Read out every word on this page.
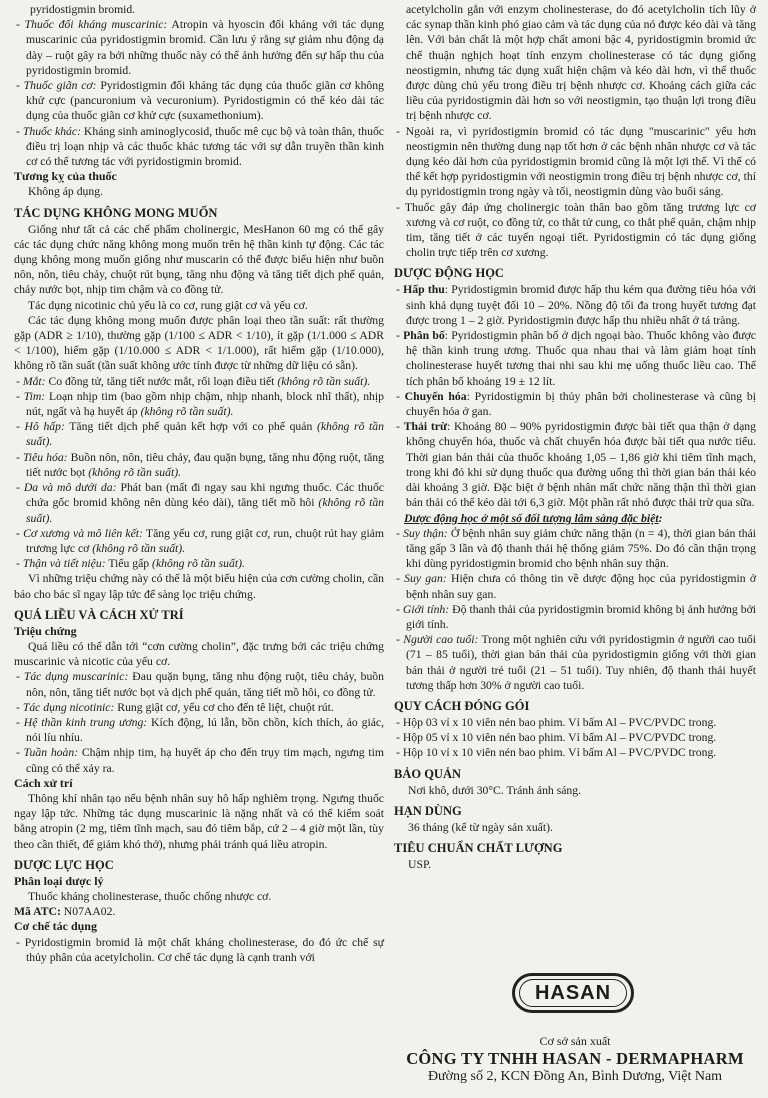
pyridostigmin bromid.

- Thuốc đối kháng muscarinic: Atropin và hyoscin đối kháng với tác dụng muscarinic của pyridostigmin bromid. Cần lưu ý rằng sự giảm nhu động dạ dày – ruột gây ra bởi những thuốc này có thể ảnh hưởng đến sự hấp thu của pyridostigmin bromid.

- Thuốc giãn cơ: Pyridostigmin đối kháng tác dụng của thuốc giãn cơ không khử cực (pancuronium và vecuronium). Pyridostigmin có thể kéo dài tác dụng của thuốc giãn cơ khử cực (suxamethonium).

- Thuốc khác: Kháng sinh aminoglycosid, thuốc mê cục bộ và toàn thân, thuốc điều trị loạn nhịp và các thuốc khác tương tác với sự dẫn truyền thần kinh cơ có thể tương tác với pyridostigmin bromid.

Tương kỵ của thuốc

Không áp dụng.

TÁC DỤNG KHÔNG MONG MUỐN

Giống như tất cả các chế phẩm cholinergic, MesHanon 60 mg có thể gây các tác dụng chức năng không mong muốn trên hệ thần kinh tự động. Các tác dụng không mong muốn giống như muscarin có thể được biểu hiện như buồn nôn, nôn, tiêu chảy, chuột rút bụng, tăng nhu động và tăng tiết dịch phế quản, chảy nước bọt, nhịp tim chậm và co đồng tử.

Tác dụng nicotinic chủ yếu là co cơ, rung giật cơ và yếu cơ.

Các tác dụng không mong muốn được phân loại theo tần suất: rất thường gặp (ADR ≥ 1/10), thường gặp (1/100 ≤ ADR < 1/10), ít gặp (1/1.000 ≤ ADR < 1/100), hiếm gặp (1/10.000 ≤ ADR < 1/1.000), rất hiếm gặp (1/10.000), không rõ tần suất (tần suất không ước tính được từ những dữ liệu có sẵn).

- Mắt: Co đồng tử, tăng tiết nước mắt, rối loạn điều tiết (không rõ tần suất).

- Tim: Loạn nhịp tim (bao gồm nhịp chậm, nhịp nhanh, block nhĩ thất), nhịp nút, ngất và hạ huyết áp (không rõ tần suất).

- Hô hấp: Tăng tiết dịch phế quản kết hợp với co phế quản (không rõ tần suất).

- Tiêu hóa: Buồn nôn, nôn, tiêu chảy, đau quặn bụng, tăng nhu động ruột, tăng tiết nước bọt (không rõ tần suất).

- Da và mô dưới da: Phát ban (mất đi ngay sau khi ngưng thuốc. Các thuốc chứa gốc bromid không nên dùng kéo dài), tăng tiết mồ hôi (không rõ tần suất).

- Cơ xương và mô liên kết: Tăng yếu cơ, rung giật cơ, run, chuột rút hay giảm trương lực cơ (không rõ tần suất).

- Thận và tiết niệu: Tiểu gấp (không rõ tần suất).

Vì những triệu chứng này có thể là một biểu hiện của cơn cường cholin, cần báo cho bác sĩ ngay lập tức để sàng lọc triệu chứng.

QUÁ LIỀU VÀ CÁCH XỬ TRÍ

Triệu chứng

Quá liều có thể dẫn tới “cơn cường cholin”, đặc trưng bởi các triệu chứng muscarinic và nicotic của yếu cơ.

- Tác dụng muscarinic: Đau quặn bụng, tăng nhu động ruột, tiêu chảy, buồn nôn, nôn, tăng tiết nước bọt và dịch phế quản, tăng tiết mồ hôi, co đồng tử.

- Tác dụng nicotinic: Rung giật cơ, yếu cơ cho đến tê liệt, chuột rút.

- Hệ thần kinh trung ương: Kích động, lú lẫn, bồn chồn, kích thích, ảo giác, nói líu nhíu.

- Tuần hoàn: Chậm nhịp tim, hạ huyết áp cho đến trụy tim mạch, ngưng tim cũng có thể xảy ra.

Cách xử trí

Thông khí nhân tạo nếu bệnh nhân suy hô hấp nghiêm trọng. Ngưng thuốc ngay lập tức. Những tác dụng muscarinic là nặng nhất và có thể kiểm soát bằng atropin (2 mg, tiêm tĩnh mạch, sau đó tiêm bắp, cứ 2 – 4 giờ một lần, tùy theo cần thiết, để giảm khó thở), nhưng phải tránh quá liều atropin.

DƯỢC LỰC HỌC

Phân loại dược lý

Thuốc kháng cholinesterase, thuốc chống nhược cơ.

Mã ATC: N07AA02.

Cơ chế tác dụng

- Pyridostigmin bromid là một chất kháng cholinesterase, do đó ức chế sự thủy phân của acetylcholin. Cơ chế tác dụng là cạnh tranh với

acetylcholin gắn với enzym cholinesterase, do đó acetylcholin tích lũy ở các synap thần kinh phó giao cảm và tác dụng của nó được kéo dài và tăng lên. Với bản chất là một hợp chất amoni bậc 4, pyridostigmin bromid ức chế thuận nghịch hoạt tính enzym cholinesterase có tác dụng giống neostigmin, nhưng tác dụng xuất hiện chậm và kéo dài hơn, vì thế thuốc được dùng chủ yếu trong điều trị bệnh nhược cơ. Khoảng cách giữa các liều của pyridostigmin dài hơn so với neostigmin, tạo thuận lợi trong điều trị bệnh nhược cơ.

- Ngoài ra, vì pyridostigmin bromid có tác dụng "muscarinic" yếu hơn neostigmin nên thường dung nạp tốt hơn ở các bệnh nhân nhược cơ và tác dụng kéo dài hơn của pyridostigmin bromid cũng là một lợi thế. Vì thế có thể kết hợp pyridostigmin với neostigmin trong điều trị bệnh nhược cơ, thí dụ pyridostigmin trong ngày và tối, neostigmin dùng vào buổi sáng.

- Thuốc gây đáp ứng cholinergic toàn thân bao gồm tăng trương lực cơ xương và cơ ruột, co đồng tử, co thắt tử cung, co thắt phế quản, chậm nhịp tim, tăng tiết ở các tuyến ngoại tiết. Pyridostigmin có tác dụng giống cholin trực tiếp trên cơ xương.

DƯỢC ĐỘNG HỌC

- Hấp thu: Pyridostigmin bromid được hấp thu kém qua đường tiêu hóa với sinh khả dụng tuyệt đối 10 – 20%. Nồng độ tối đa trong huyết tương đạt được trong 1 – 2 giờ. Pyridostigmin được hấp thu nhiều nhất ở tá tràng.

- Phân bố: Pyridostigmin phân bố ở dịch ngoại bào. Thuốc không vào được hệ thần kinh trung ương. Thuốc qua nhau thai và làm giảm hoạt tính cholinesterase huyết tương thai nhi sau khi mẹ uống thuốc liều cao. Thể tích phân bố khoảng 19 ± 12 lít.

- Chuyển hóa: Pyridostigmin bị thủy phân bởi cholinesterase và cũng bị chuyển hóa ở gan.

- Thải trừ: Khoảng 80 – 90% pyridostigmin được bài tiết qua thận ở dạng không chuyển hóa, thuốc và chất chuyển hóa được bài tiết qua nước tiểu. Thời gian bán thải của thuốc khoảng 1,05 – 1,86 giờ khi tiêm tĩnh mạch, trong khi đó khi sử dụng thuốc qua đường uống thì thời gian bán thải kéo dài khoảng 3 giờ. Đặc biệt ở bệnh nhân mất chức năng thận thì thời gian bán thải có thể kéo dài tới 6,3 giờ. Một phần rất nhỏ được thải trừ qua sữa.

Dược động học ở một số đối tượng lâm sàng đặc biệt:

- Suy thận: Ở bệnh nhân suy giảm chức năng thận (n = 4), thời gian bán thải tăng gấp 3 lần và độ thanh thải hệ thống giảm 75%. Do đó cần thận trọng khi dùng pyridostigmin bromid cho bệnh nhân suy thận.

- Suy gan: Hiện chưa có thông tin về dược động học của pyridostigmin ở bệnh nhân suy gan.

- Giới tính: Độ thanh thải của pyridostigmin bromid không bị ảnh hưởng bởi giới tính.

- Người cao tuổi: Trong một nghiên cứu với pyridostigmin ở người cao tuổi (71 – 85 tuổi), thời gian bán thải của pyridostigmin giống với thời gian bán thải ở người trẻ tuổi (21 – 51 tuổi). Tuy nhiên, độ thanh thải huyết tương thấp hơn 30% ở người cao tuổi.

QUY CÁCH ĐÓNG GÓI

- Hộp 03 vỉ x 10 viên nén bao phim. Vỉ bấm Al – PVC/PVDC trong.

- Hộp 05 vỉ x 10 viên nén bao phim. Vỉ bấm Al – PVC/PVDC trong.

- Hộp 10 vỉ x 10 viên nén bao phim. Vỉ bấm Al – PVC/PVDC trong.

BẢO QUẢN

Nơi khô, dưới 30°C. Tránh ánh sáng.

HẠN DÙNG

36 tháng (kể từ ngày sản xuất).

TIÊU CHUẨN CHẤT LƯỢNG

USP.

HASAN
Cơ sở sản xuất
CÔNG TY TNHH HASAN - DERMAPHARM
Đường số 2, KCN Đồng An, Bình Dương, Việt Nam
